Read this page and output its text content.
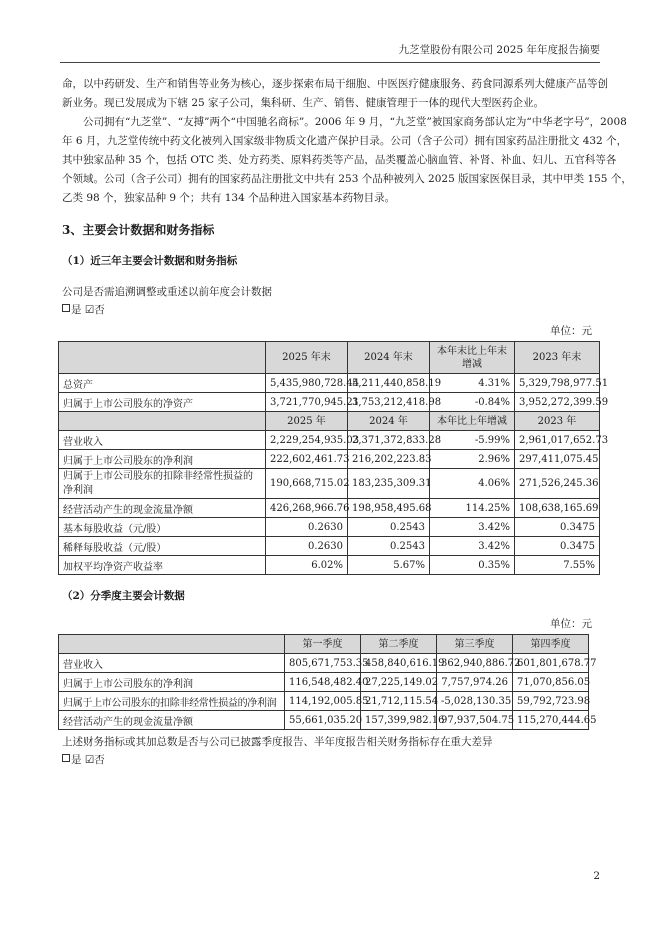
九芝堂股份有限公司 2025 年年度报告摘要

命，以中药研发、生产和销售等业务为核心，逐步探索布局干细胞、中医医疗健康服务、药食同源系列大健康产品等创
新业务。现已发展成为下辖 25 家子公司，集科研、生产、销售、健康管理于一体的现代大型医药企业。
公司拥有“九芝堂”、“友搏”两个“中国驰名商标”。2006 年 9 月，“九芝堂”被国家商务部认定为“中华老字号”，2008
年 6 月，九芝堂传统中药文化被列入国家级非物质文化遗产保护目录。公司（含子公司）拥有国家药品注册批文 432 个，
其中独家品种 35 个，包括 OTC 类、处方药类、原料药类等产品，品类覆盖心脑血管、补肾、补血、妇儿、五官科等各
个领域。公司（含子公司）拥有的国家药品注册批文中共有 253 个品种被列入 2025 版国家医保目录，其中甲类 155 个，
乙类 98 个，独家品种 9 个；共有 134 个品种进入国家基本药物目录。

3、主要会计数据和财务指标
（1）近三年主要会计数据和财务指标
公司是否需追溯调整或重述以前年度会计数据
是 ☑否
单位：元
	2025 年末	2024 年末	本年末比上年末增减	2023 年末
总资产	5,435,980,728.44	5,211,440,858.19	4.31%	5,329,798,977.51
归属于上市公司股东的净资产	3,721,770,945.21	3,753,212,418.98	-0.84%	3,952,272,399.59
	2025 年	2024 年	本年比上年增减	2023 年
营业收入	2,229,254,935.03	2,371,372,833.28	-5.99%	2,961,017,652.73
归属于上市公司股东的净利润	222,602,461.73	216,202,223.83	2.96%	297,411,075.45
归属于上市公司股东的扣除非经常性损益的净利润	190,668,715.02	183,235,309.31	4.06%	271,526,245.36
经营活动产生的现金流量净额	426,268,966.76	198,958,495.68	114.25%	108,638,165.69
基本每股收益（元/股）	0.2630	0.2543	3.42%	0.3475
稀释每股收益（元/股）	0.2630	0.2543	3.42%	0.3475
加权平均净资产收益率	6.02%	5.67%	0.35%	7.55%
（2）分季度主要会计数据
单位：元
	第一季度	第二季度	第三季度	第四季度
营业收入	805,671,753.35	458,840,616.19	362,940,886.72	601,801,678.77
归属于上市公司股东的净利润	116,548,482.40	27,225,149.02	7,757,974.26	71,070,856.05
归属于上市公司股东的扣除非经常性损益的净利润	114,192,005.85	21,712,115.54	-5,028,130.35	59,792,723.98
经营活动产生的现金流量净额	55,661,035.20	157,399,982.16	97,937,504.75	115,270,444.65
上述财务指标或其加总数是否与公司已披露季度报告、半年度报告相关财务指标存在重大差异
是 ☑否
2
